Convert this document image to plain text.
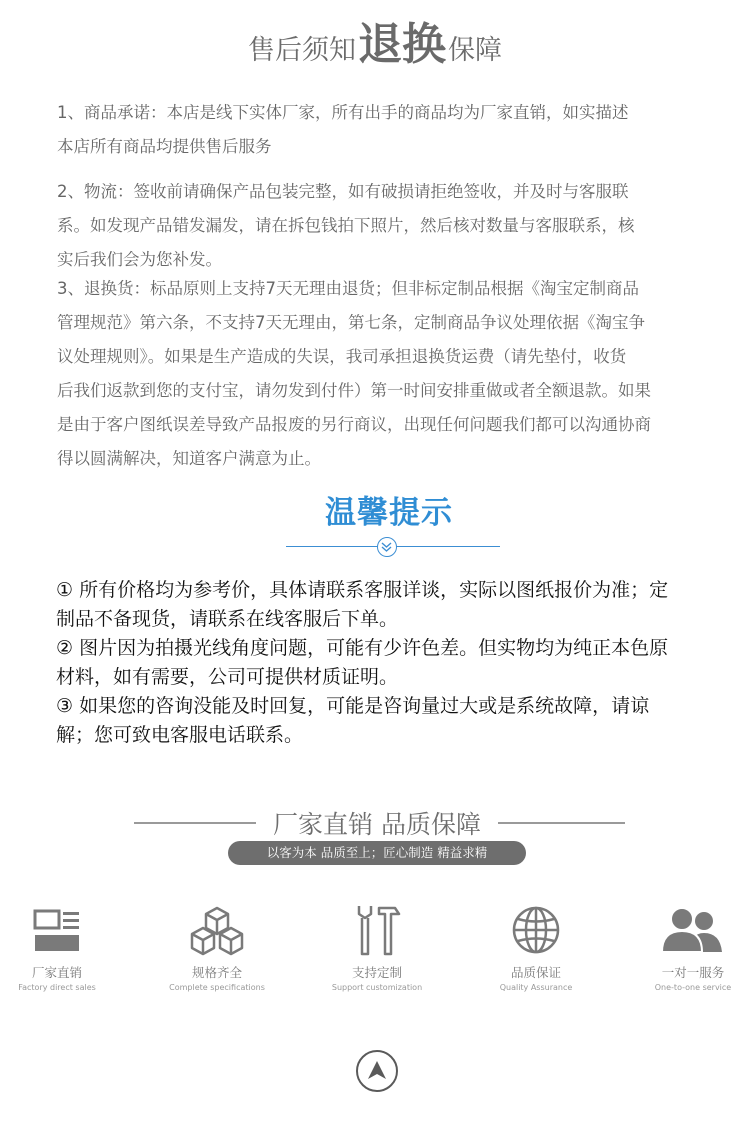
售后须知退换保障
1、商品承诺：本店是线下实体厂家，所有出手的商品均为厂家直销，如实描述
本店所有商品均提供售后服务
2、物流：签收前请确保产品包装完整，如有破损请拒绝签收，并及时与客服联
系。如发现产品错发漏发，请在拆包钱拍下照片，然后核对数量与客服联系，核
实后我们会为您补发。
3、退换货：标品原则上支持7天无理由退货；但非标定制品根据《淘宝定制商品
管理规范》第六条，不支持7天无理由，第七条，定制商品争议处理依据《淘宝争
议处理规则》。如果是生产造成的失误，我司承担退换货运费（请先垫付，收货
后我们返款到您的支付宝，请勿发到付件）第一时间安排重做或者全额退款。如果
是由于客户图纸误差导致产品报废的另行商议，出现任何问题我们都可以沟通协商
得以圆满解决，知道客户满意为止。
温馨提示
① 所有价格均为参考价，具体请联系客服详谈，实际以图纸报价为准；定
制品不备现货，请联系在线客服后下单。
② 图片因为拍摄光线角度问题，可能有少许色差。但实物均为纯正本色原
材料，如有需要，公司可提供材质证明。
③ 如果您的咨询没能及时回复，可能是咨询量过大或是系统故障，请谅
解；您可致电客服电话联系。
厂家直销 品质保障
以客为本 品质至上；匠心制造 精益求精
厂家直销
Factory direct sales
规格齐全
Complete specifications
支持定制
Support customization
品质保证
Quality Assurance
一对一服务
One-to-one service
